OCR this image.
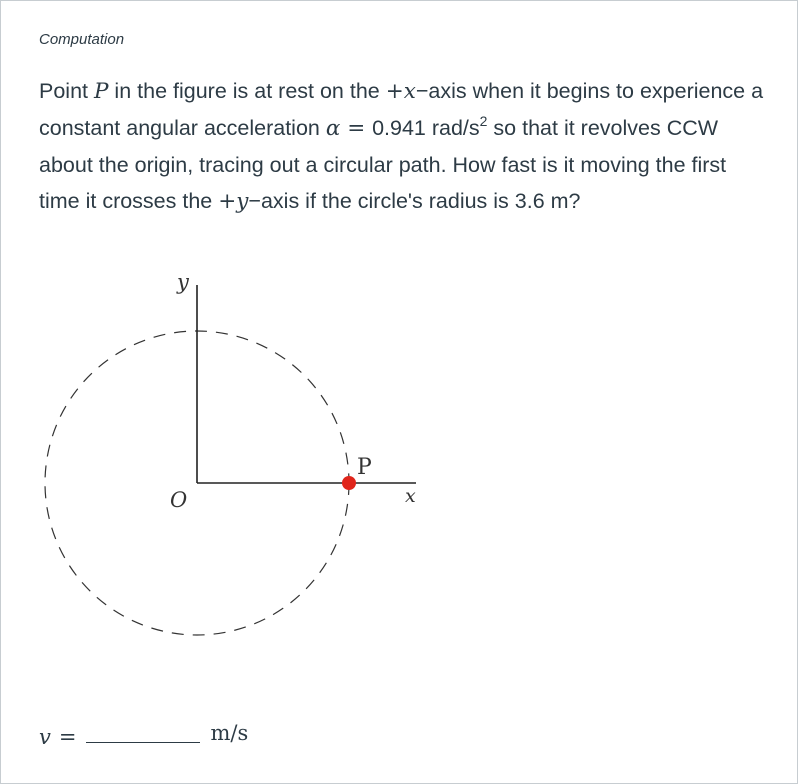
Computation
Point P in the figure is at rest on the +x−axis when it begins to experience a constant angular acceleration α = 0.941 rad/$s^2$ so that it revolves CCW about the origin, tracing out a circular path. How fast is it moving the first time it crosses the +y−axis if the circle's radius is 3.6 m?
y
x
O
P
v =	m/s
